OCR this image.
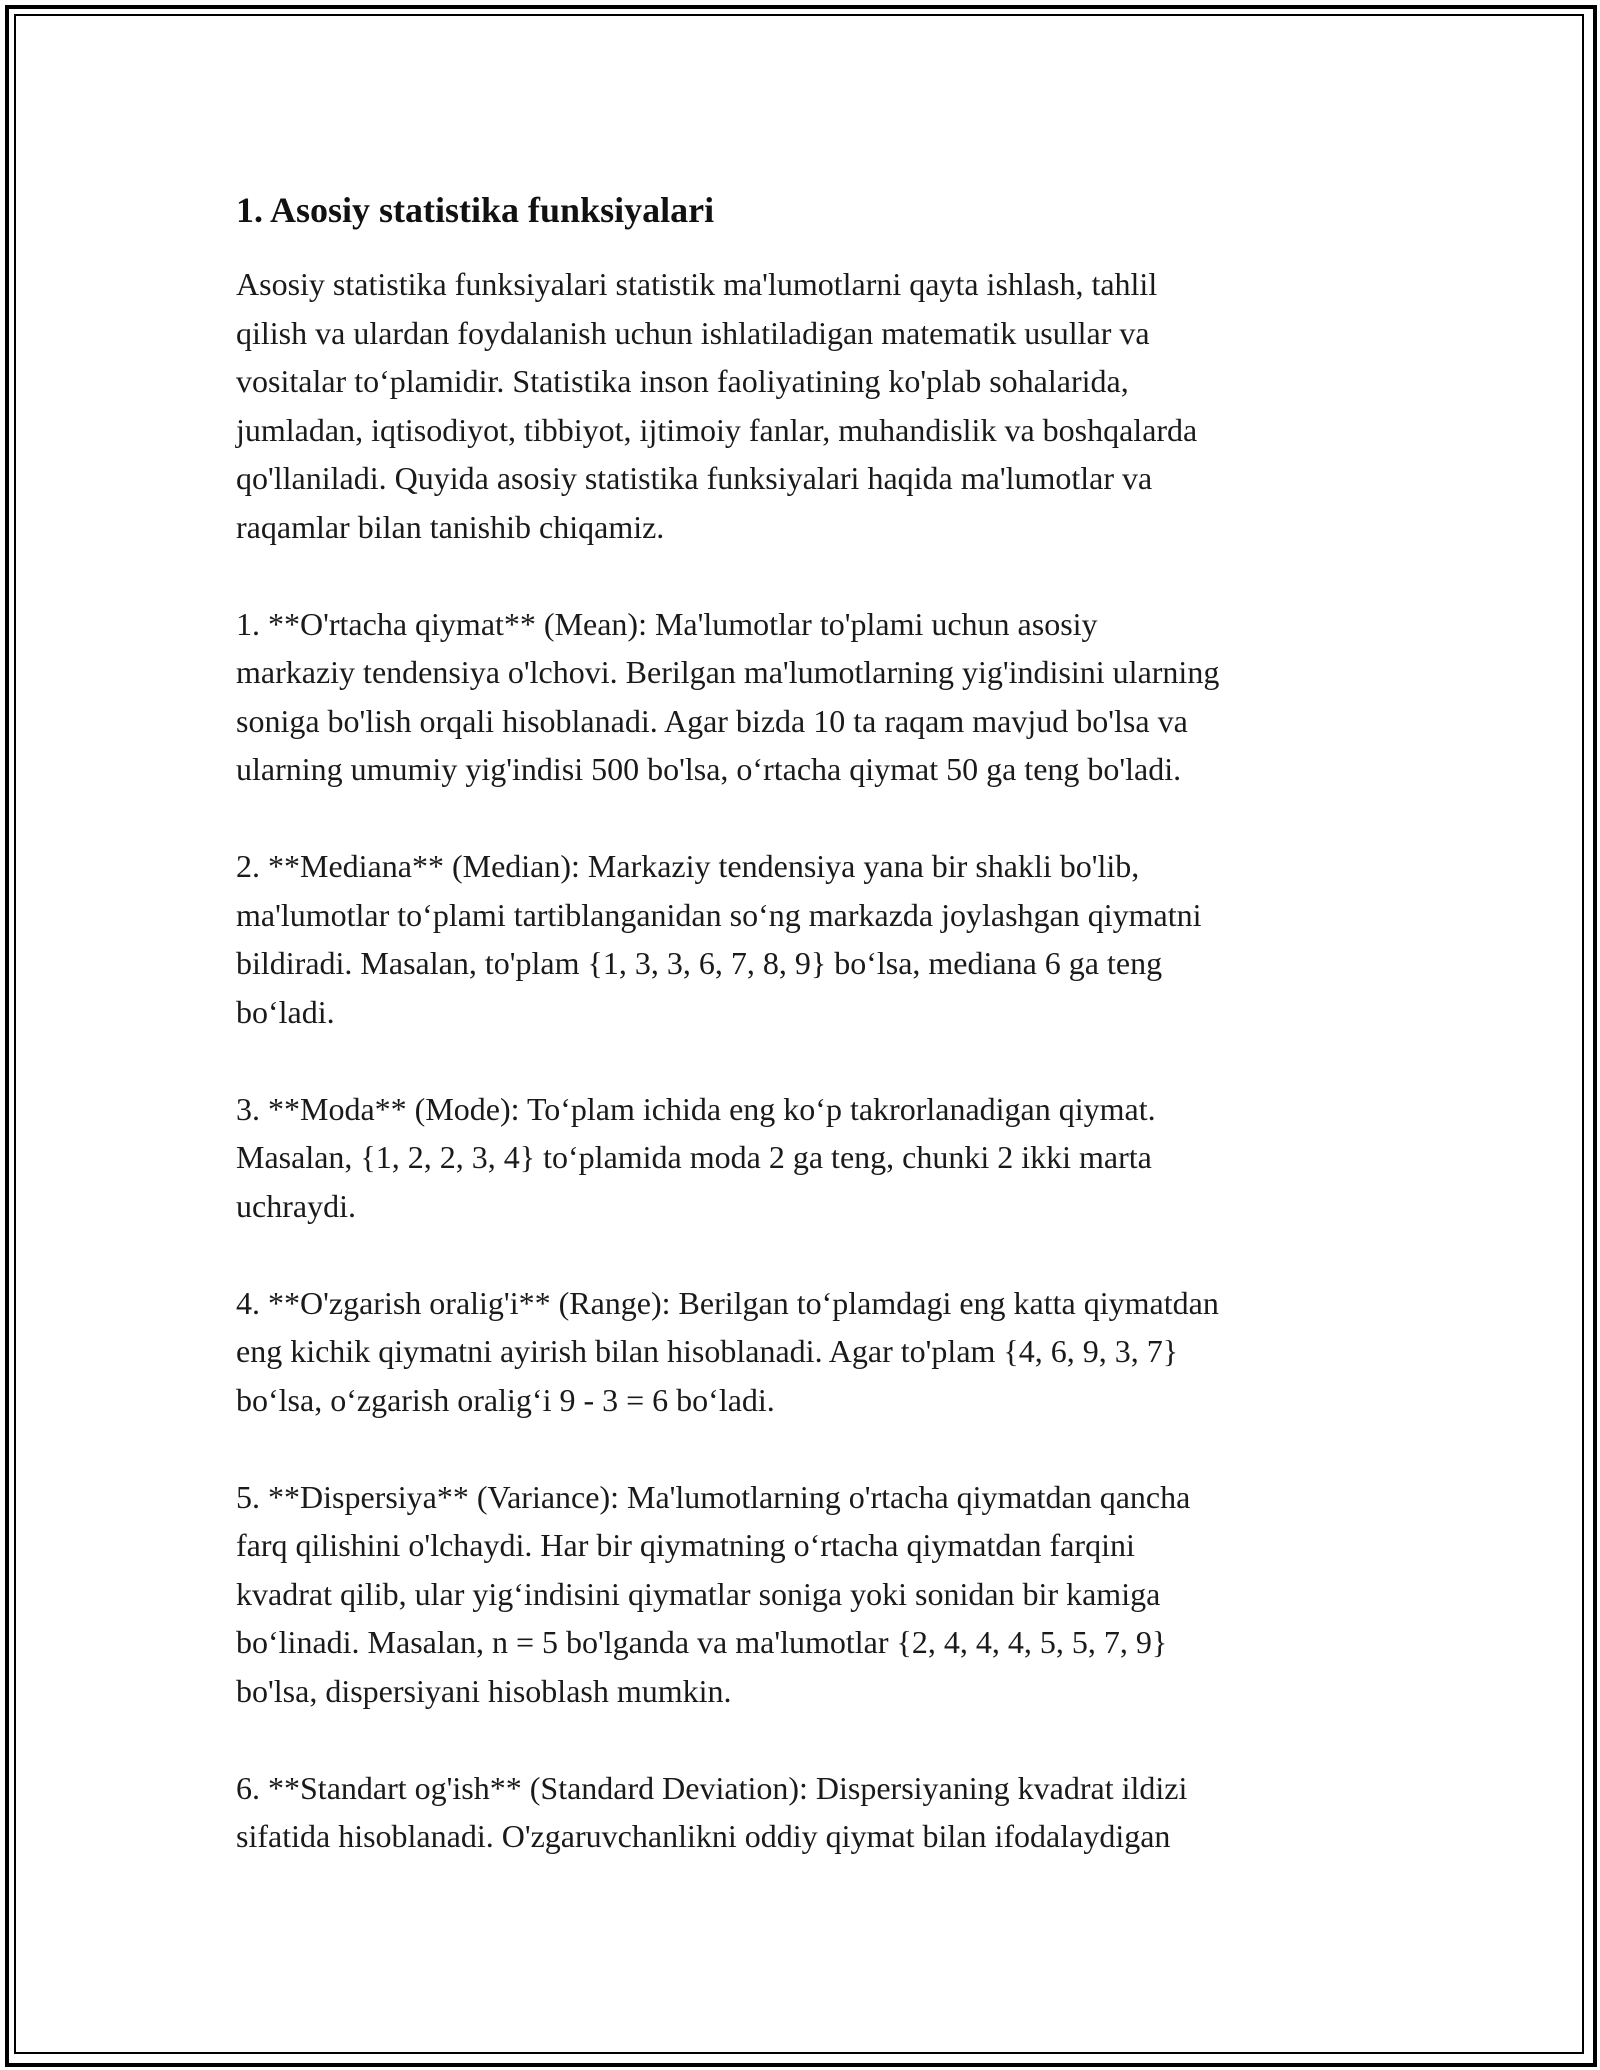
1. Asosiy statistika funksiyalari

Asosiy statistika funksiyalari statistik ma'lumotlarni qayta ishlash, tahlil
qilish va ulardan foydalanish uchun ishlatiladigan matematik usullar va
vositalar to‘plamidir. Statistika inson faoliyatining ko'plab sohalarida,
jumladan, iqtisodiyot, tibbiyot, ijtimoiy fanlar, muhandislik va boshqalarda
qo'llaniladi. Quyida asosiy statistika funksiyalari haqida ma'lumotlar va
raqamlar bilan tanishib chiqamiz.

1. **O'rtacha qiymat** (Mean): Ma'lumotlar to'plami uchun asosiy
markaziy tendensiya o'lchovi. Berilgan ma'lumotlarning yig'indisini ularning
soniga bo'lish orqali hisoblanadi. Agar bizda 10 ta raqam mavjud bo'lsa va
ularning umumiy yig'indisi 500 bo'lsa, o‘rtacha qiymat 50 ga teng bo'ladi.

2. **Mediana** (Median): Markaziy tendensiya yana bir shakli bo'lib,
ma'lumotlar to‘plami tartiblanganidan so‘ng markazda joylashgan qiymatni
bildiradi. Masalan, to'plam {1, 3, 3, 6, 7, 8, 9} bo‘lsa, mediana 6 ga teng
bo‘ladi.

3. **Moda** (Mode): To‘plam ichida eng ko‘p takrorlanadigan qiymat.
Masalan, {1, 2, 2, 3, 4} to‘plamida moda 2 ga teng, chunki 2 ikki marta
uchraydi.

4. **O'zgarish oralig'i** (Range): Berilgan to‘plamdagi eng katta qiymatdan
eng kichik qiymatni ayirish bilan hisoblanadi. Agar to'plam {4, 6, 9, 3, 7}
bo‘lsa, o‘zgarish oralig‘i 9 - 3 = 6 bo‘ladi.

5. **Dispersiya** (Variance): Ma'lumotlarning o'rtacha qiymatdan qancha
farq qilishini o'lchaydi. Har bir qiymatning o‘rtacha qiymatdan farqini
kvadrat qilib, ular yig‘indisini qiymatlar soniga yoki sonidan bir kamiga
bo‘linadi. Masalan, n = 5 bo'lganda va ma'lumotlar {2, 4, 4, 4, 5, 5, 7, 9}
bo'lsa, dispersiyani hisoblash mumkin.

6. **Standart og'ish** (Standard Deviation): Dispersiyaning kvadrat ildizi
sifatida hisoblanadi. O'zgaruvchanlikni oddiy qiymat bilan ifodalaydigan
